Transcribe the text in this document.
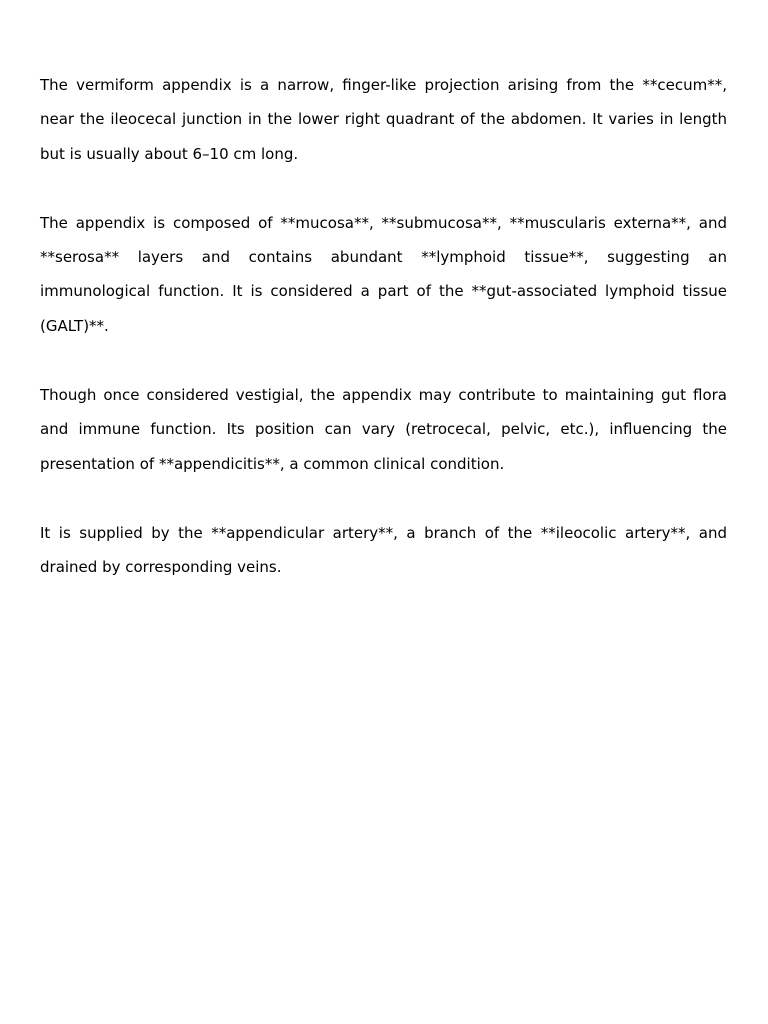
The vermiform appendix is a narrow, finger-like projection arising from the **cecum**, near the ileocecal junction in the lower right quadrant of the abdomen. It varies in length but is usually about 6–10 cm long.

The appendix is composed of **mucosa**, **submucosa**, **muscularis externa**, and **serosa** layers and contains abundant **lymphoid tissue**, suggesting an immunological function. It is considered a part of the **gut-associated lymphoid tissue (GALT)**.

Though once considered vestigial, the appendix may contribute to maintaining gut flora and immune function. Its position can vary (retrocecal, pelvic, etc.), influencing the presentation of **appendicitis**, a common clinical condition.

It is supplied by the **appendicular artery**, a branch of the **ileocolic artery**, and drained by corresponding veins.
